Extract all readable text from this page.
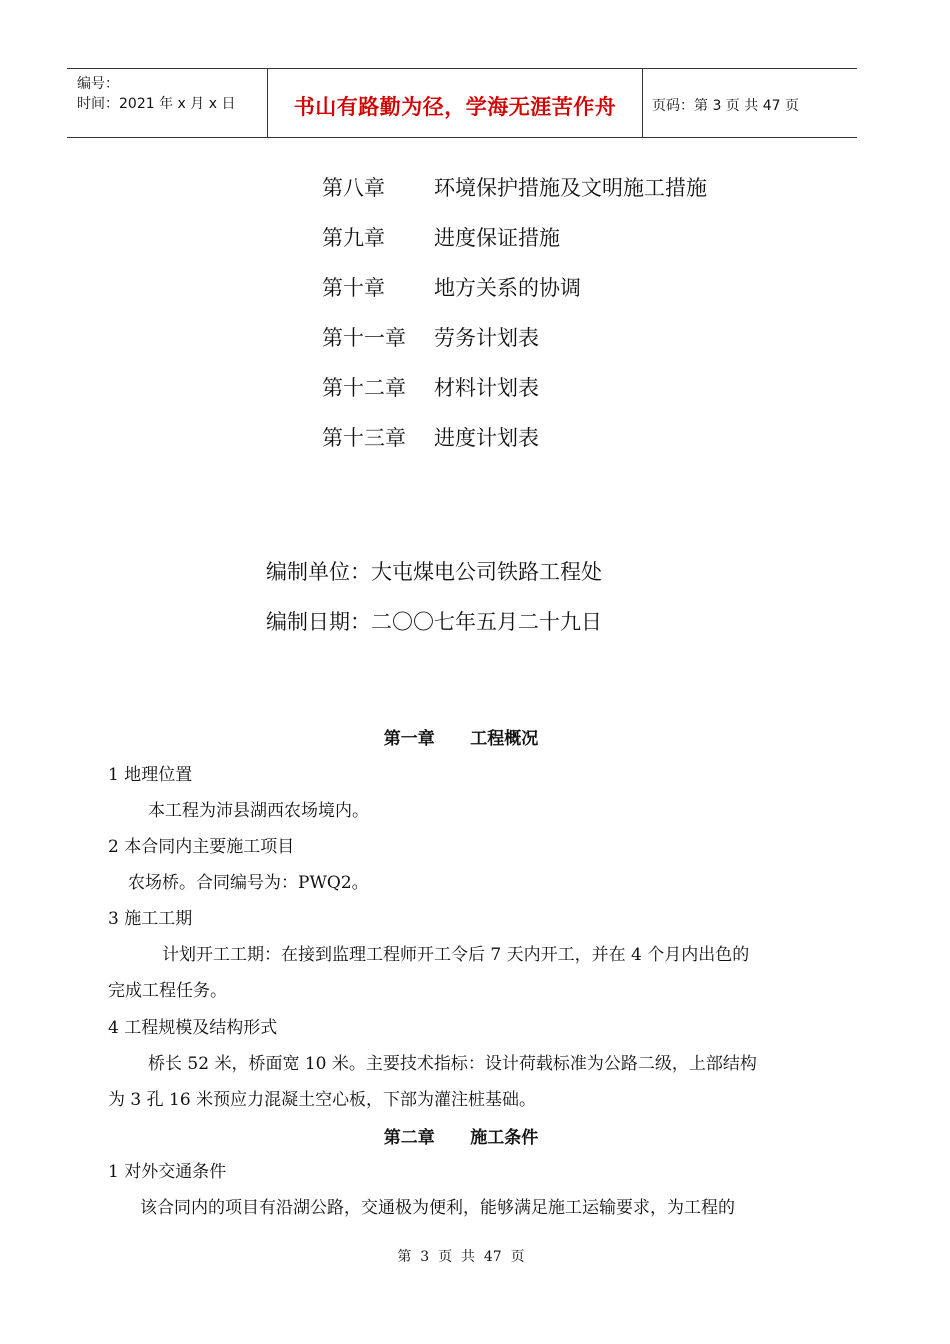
编号：
时间：2021 年 x 月 x 日	书山有路勤为径，学海无涯苦作舟	页码：第 3 页 共 47 页
第八章 环境保护措施及文明施工措施
第九章 进度保证措施
第十章 地方关系的协调
第十一章 劳务计划表
第十二章 材料计划表
第十三章 进度计划表
编制单位：大屯煤电公司铁路工程处
编制日期：二〇〇七年五月二十九日
第一章      工程概况
1 地理位置
本工程为沛县湖西农场境内。
2 本合同内主要施工项目
农场桥。合同编号为：PWQ2。
3 施工工期
计划开工工期：在接到监理工程师开工令后 7 天内开工，并在 4 个月内出色的
完成工程任务。
4 工程规模及结构形式
桥长 52 米，桥面宽 10 米。主要技术指标：设计荷载标准为公路二级，上部结构
为 3 孔 16 米预应力混凝土空心板，下部为灌注桩基础。
第二章      施工条件
1 对外交通条件
该合同内的项目有沿湖公路，交通极为便利，能够满足施工运输要求，为工程的
第  3  页  共  47  页
